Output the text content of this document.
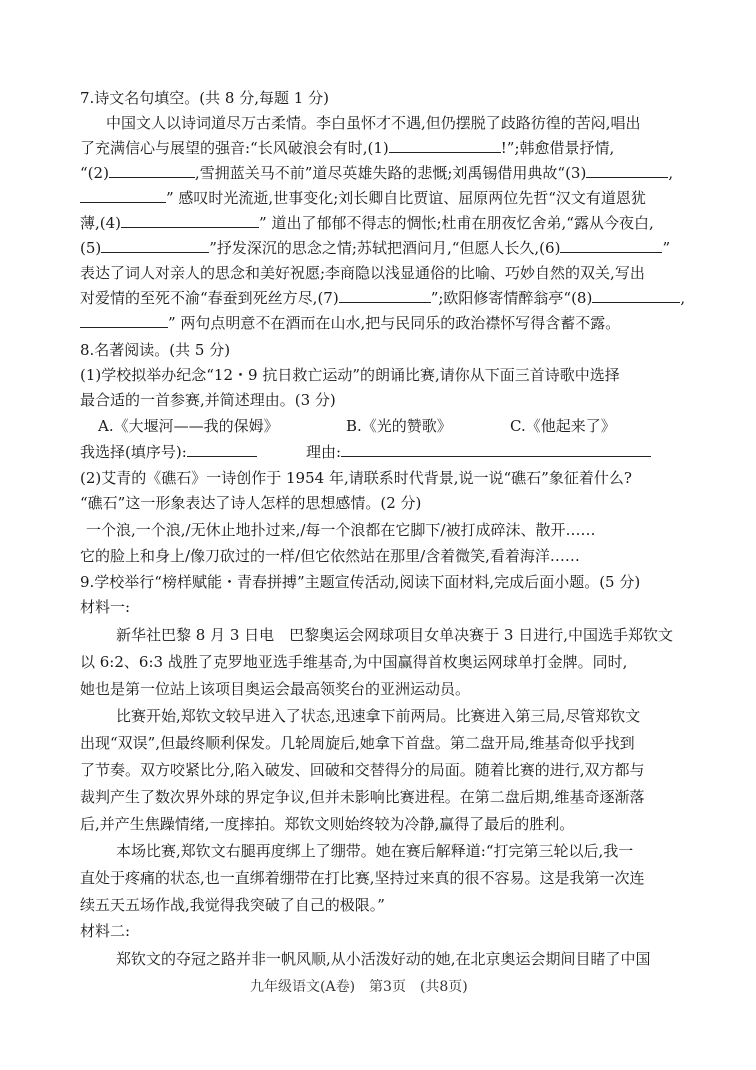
7.诗文名句填空。(共 8 分,每题 1 分)
中国文人以诗词道尽万古柔情。李白虽怀才不遇,但仍摆脱了歧路彷徨的苦闷,唱出
了充满信心与展望的强音:“长风破浪会有时,(1)	!”;韩愈借景抒情,
“(2)	,雪拥蓝关马不前”道尽英雄失路的悲慨;刘禹锡借用典故“(3)	,
” 感叹时光流逝,世事变化;刘长卿自比贾谊、屈原两位先哲“汉文有道恩犹
薄,(4)	” 道出了郁郁不得志的惆怅;杜甫在朋夜忆舍弟,“露从今夜白,
(5)	”抒发深沉的思念之情;苏轼把酒问月,“但愿人长久,(6)	”
表达了词人对亲人的思念和美好祝愿;李商隐以浅显通俗的比喻、巧妙自然的双关,写出
对爱情的至死不渝“春蚕到死丝方尽,(7)	”;欧阳修寄情醉翁亭“(8)	,
” 两句点明意不在酒而在山水,把与民同乐的政治襟怀写得含蓄不露。
8.名著阅读。(共 5 分)
(1)学校拟举办纪念“12・9 抗日救亡运动”的朗诵比赛,请你从下面三首诗歌中选择
最合适的一首参赛,并简述理由。(3 分)
A.《大堰河——我的保姆》	B.《光的赞歌》	C.《他起来了》
我选择(填序号):	理由:
(2)艾青的《礁石》一诗创作于 1954 年,请联系时代背景,说一说“礁石”象征着什么?
“礁石”这一形象表达了诗人怎样的思想感情。(2 分)
一个浪,一个浪,/无休止地扑过来,/每一个浪都在它脚下/被打成碎沫、散开……
它的脸上和身上/像刀砍过的一样/但它依然站在那里/含着微笑,看着海洋……
9.学校举行“榜样赋能・青春拼搏”主题宣传活动,阅读下面材料,完成后面小题。(5 分)
材料一:
新华社巴黎 8 月 3 日电　巴黎奥运会网球项目女单决赛于 3 日进行,中国选手郑钦文
以 6:2、6:3 战胜了克罗地亚选手维基奇,为中国赢得首枚奥运网球单打金牌。同时,
她也是第一位站上该项目奥运会最高领奖台的亚洲运动员。
比赛开始,郑钦文较早进入了状态,迅速拿下前两局。比赛进入第三局,尽管郑钦文
出现“双误”,但最终顺利保发。几轮周旋后,她拿下首盘。第二盘开局,维基奇似乎找到
了节奏。双方咬紧比分,陷入破发、回破和交替得分的局面。随着比赛的进行,双方都与
裁判产生了数次界外球的界定争议,但并未影响比赛进程。在第二盘后期,维基奇逐渐落
后,并产生焦躁情绪,一度摔拍。郑钦文则始终较为冷静,赢得了最后的胜利。
本场比赛,郑钦文右腿再度绑上了绷带。她在赛后解释道:“打完第三轮以后,我一
直处于疼痛的状态,也一直绑着绷带在打比赛,坚持过来真的很不容易。这是我第一次连
续五天五场作战,我觉得我突破了自己的极限。”
材料二:
郑钦文的夺冠之路并非一帆风顺,从小活泼好动的她,在北京奥运会期间目睹了中国
九年级语文(A卷)　第3页　(共8页)
